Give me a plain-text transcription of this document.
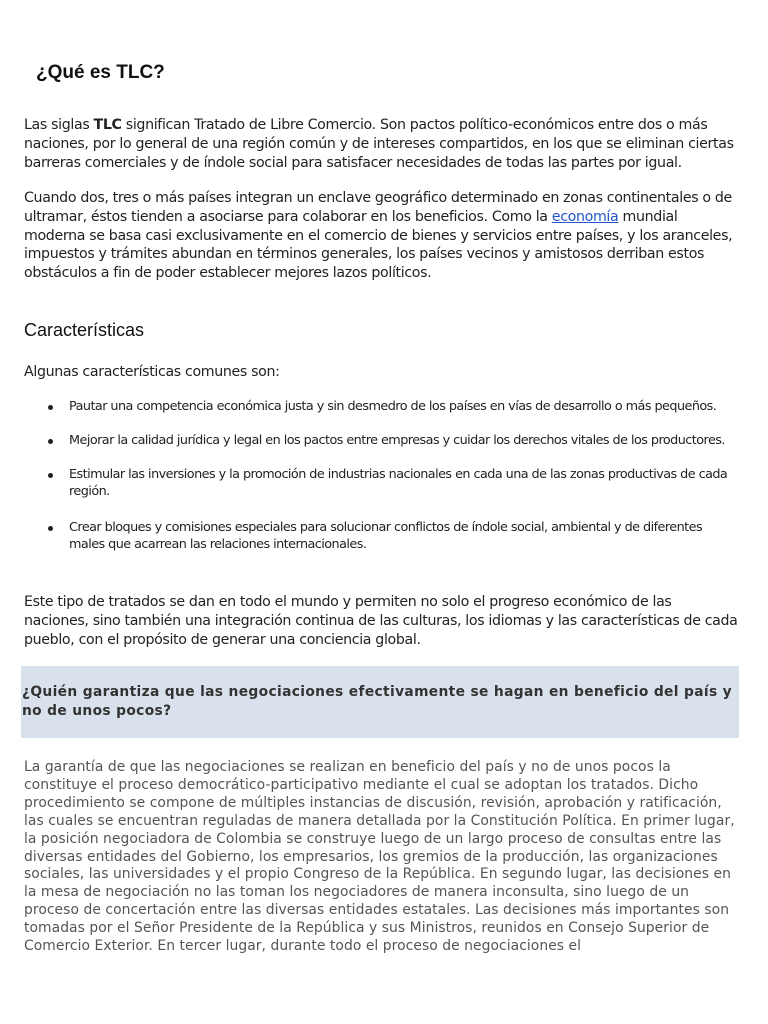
¿Qué es TLC?

Las siglas TLC significan Tratado de Libre Comercio. Son pactos político-económicos entre dos o más naciones, por lo general de una región común y de intereses compartidos, en los que se eliminan ciertas barreras comerciales y de índole social para satisfacer necesidades de todas las partes por igual.

Cuando dos, tres o más países integran un enclave geográfico determinado en zonas continentales o de ultramar, éstos tienden a asociarse para colaborar en los beneficios. Como la economía mundial moderna se basa casi exclusivamente en el comercio de bienes y servicios entre países, y los aranceles, impuestos y trámites abundan en términos generales, los países vecinos y amistosos derriban estos obstáculos a fin de poder establecer mejores lazos políticos.

Características

Algunas características comunes son:

Pautar una competencia económica justa y sin desmedro de los países en vías de desarrollo o más pequeños.
Mejorar la calidad jurídica y legal en los pactos entre empresas y cuidar los derechos vitales de los productores.
Estimular las inversiones y la promoción de industrias nacionales en cada una de las zonas productivas de cada región.
Crear bloques y comisiones especiales para solucionar conflictos de índole social, ambiental y de diferentes males que acarrean las relaciones internacionales.

Este tipo de tratados se dan en todo el mundo y permiten no solo el progreso económico de las naciones, sino también una integración continua de las culturas, los idiomas y las características de cada pueblo, con el propósito de generar una conciencia global.

¿Quién garantiza que las negociaciones efectivamente se hagan en beneficio del país y no de unos pocos?

La garantía de que las negociaciones se realizan en beneficio del país y no de unos pocos la constituye el proceso democrático-participativo mediante el cual se adoptan los tratados. Dicho procedimiento se compone de múltiples instancias de discusión, revisión, aprobación y ratificación, las cuales se encuentran reguladas de manera detallada por la Constitución Política. En primer lugar, la posición negociadora de Colombia se construye luego de un largo proceso de consultas entre las diversas entidades del Gobierno, los empresarios, los gremios de la producción, las organizaciones sociales, las universidades y el propio Congreso de la República. En segundo lugar, las decisiones en la mesa de negociación no las toman los negociadores de manera inconsulta, sino luego de un proceso de concertación entre las diversas entidades estatales. Las decisiones más importantes son tomadas por el Señor Presidente de la República y sus Ministros, reunidos en Consejo Superior de Comercio Exterior. En tercer lugar, durante todo el proceso de negociaciones el
